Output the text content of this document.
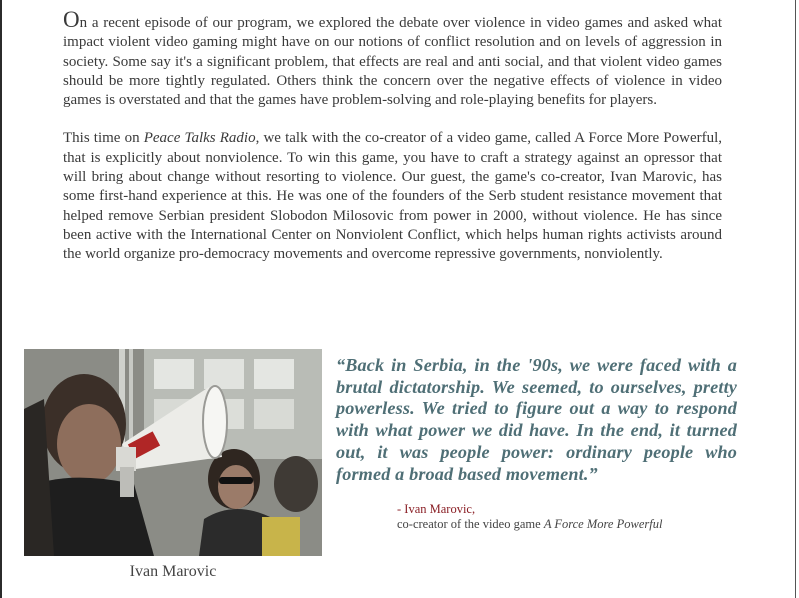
On a recent episode of our program, we explored the debate over violence in video games and asked what impact violent video gaming might have on our notions of conflict resolution and on levels of aggression in society. Some say it's a significant problem, that effects are real and anti social, and that violent video games should be more tightly regulated. Others think the concern over the negative effects of violence in video games is overstated and that the games have problem-solving and role-playing benefits for players.

This time on Peace Talks Radio, we talk with the co-creator of a video game, called A Force More Powerful, that is explicitly about nonviolence. To win this game, you have to craft a strategy against an opressor that will bring about change without resorting to violence. Our guest, the game's co-creator, Ivan Marovic, has some first-hand experience at this. He was one of the founders of the Serb student resistance movement that helped remove Serbian president Slobodon Milosovic from power in 2000, without violence. He has since been active with the International Center on Nonviolent Conflict, which helps human rights activists around the world organize pro-democracy movements and overcome repressive governments, nonviolently.

Ivan Marovic
“Back in Serbia, in the '90s, we were faced with a brutal dictatorship. We seemed, to ourselves, pretty powerless. We tried to figure out a way to respond with what power we did have. In the end, it turned out, it was people power: ordinary people who formed a broad based movement.”
- Ivan Marovic,
co-creator of the video game A Force More Powerful
